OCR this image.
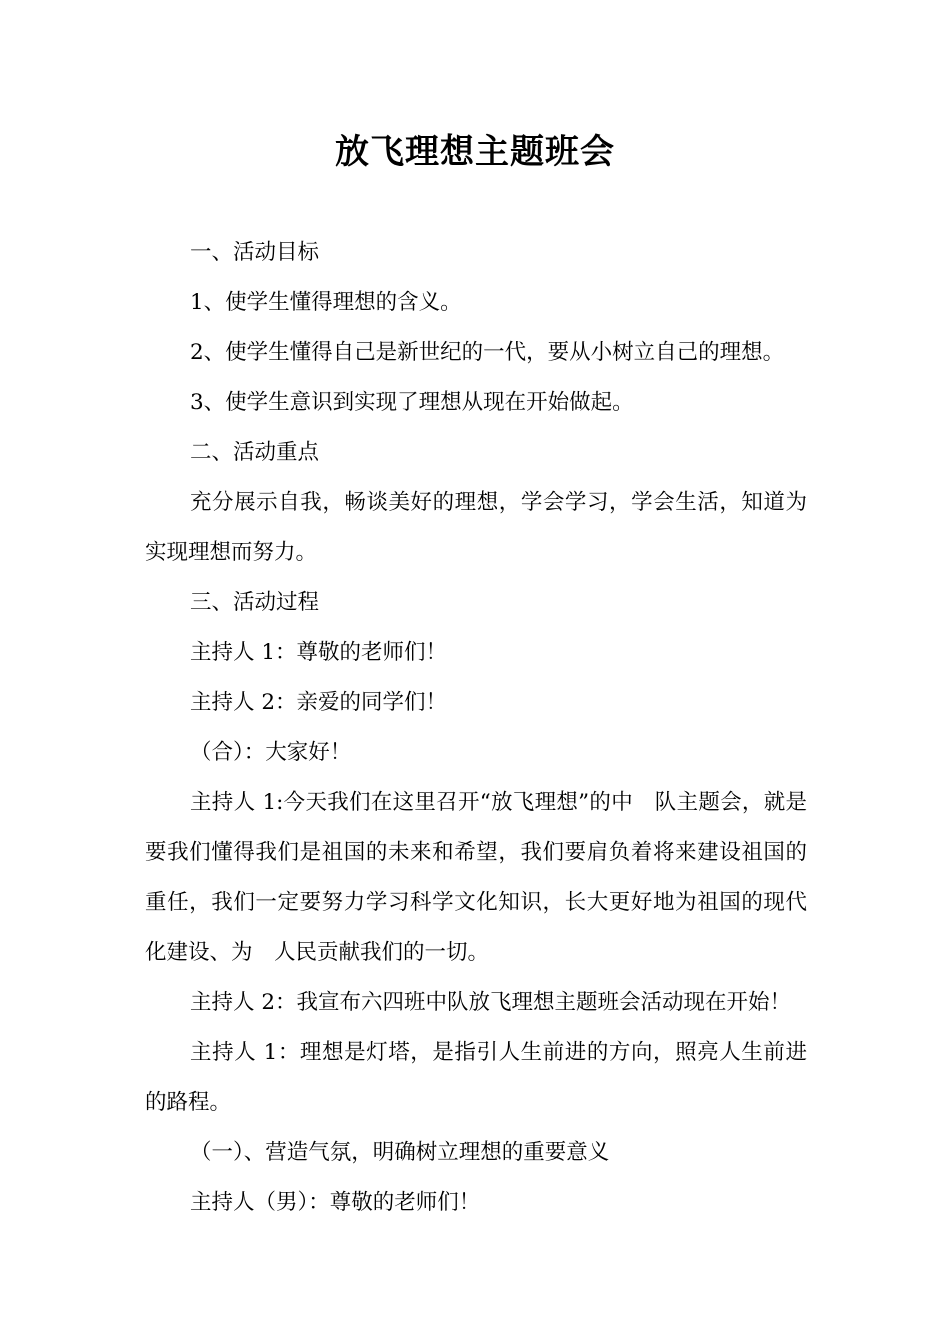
放飞理想主题班会

一、活动目标

1、使学生懂得理想的含义。

2、使学生懂得自己是新世纪的一代，要从小树立自己的理想。

3、使学生意识到实现了理想从现在开始做起。

二、活动重点

充分展示自我，畅谈美好的理想，学会学习，学会生活，知道为实现理想而努力。

三、活动过程

主持人 1：尊敬的老师们！

主持人 2：亲爱的同学们！

（合）：大家好！

主持人 1:今天我们在这里召开“放飞理想”的中　队主题会，就是要我们懂得我们是祖国的未来和希望，我们要肩负着将来建设祖国的重任，我们一定要努力学习科学文化知识，长大更好地为祖国的现代化建设、为　人民贡献我们的一切。

主持人 2：我宣布六四班中队放飞理想主题班会活动现在开始！

主持人 1：理想是灯塔，是指引人生前进的方向，照亮人生前进的路程。

（一）、营造气氛，明确树立理想的重要意义

主持人（男）：尊敬的老师们！
